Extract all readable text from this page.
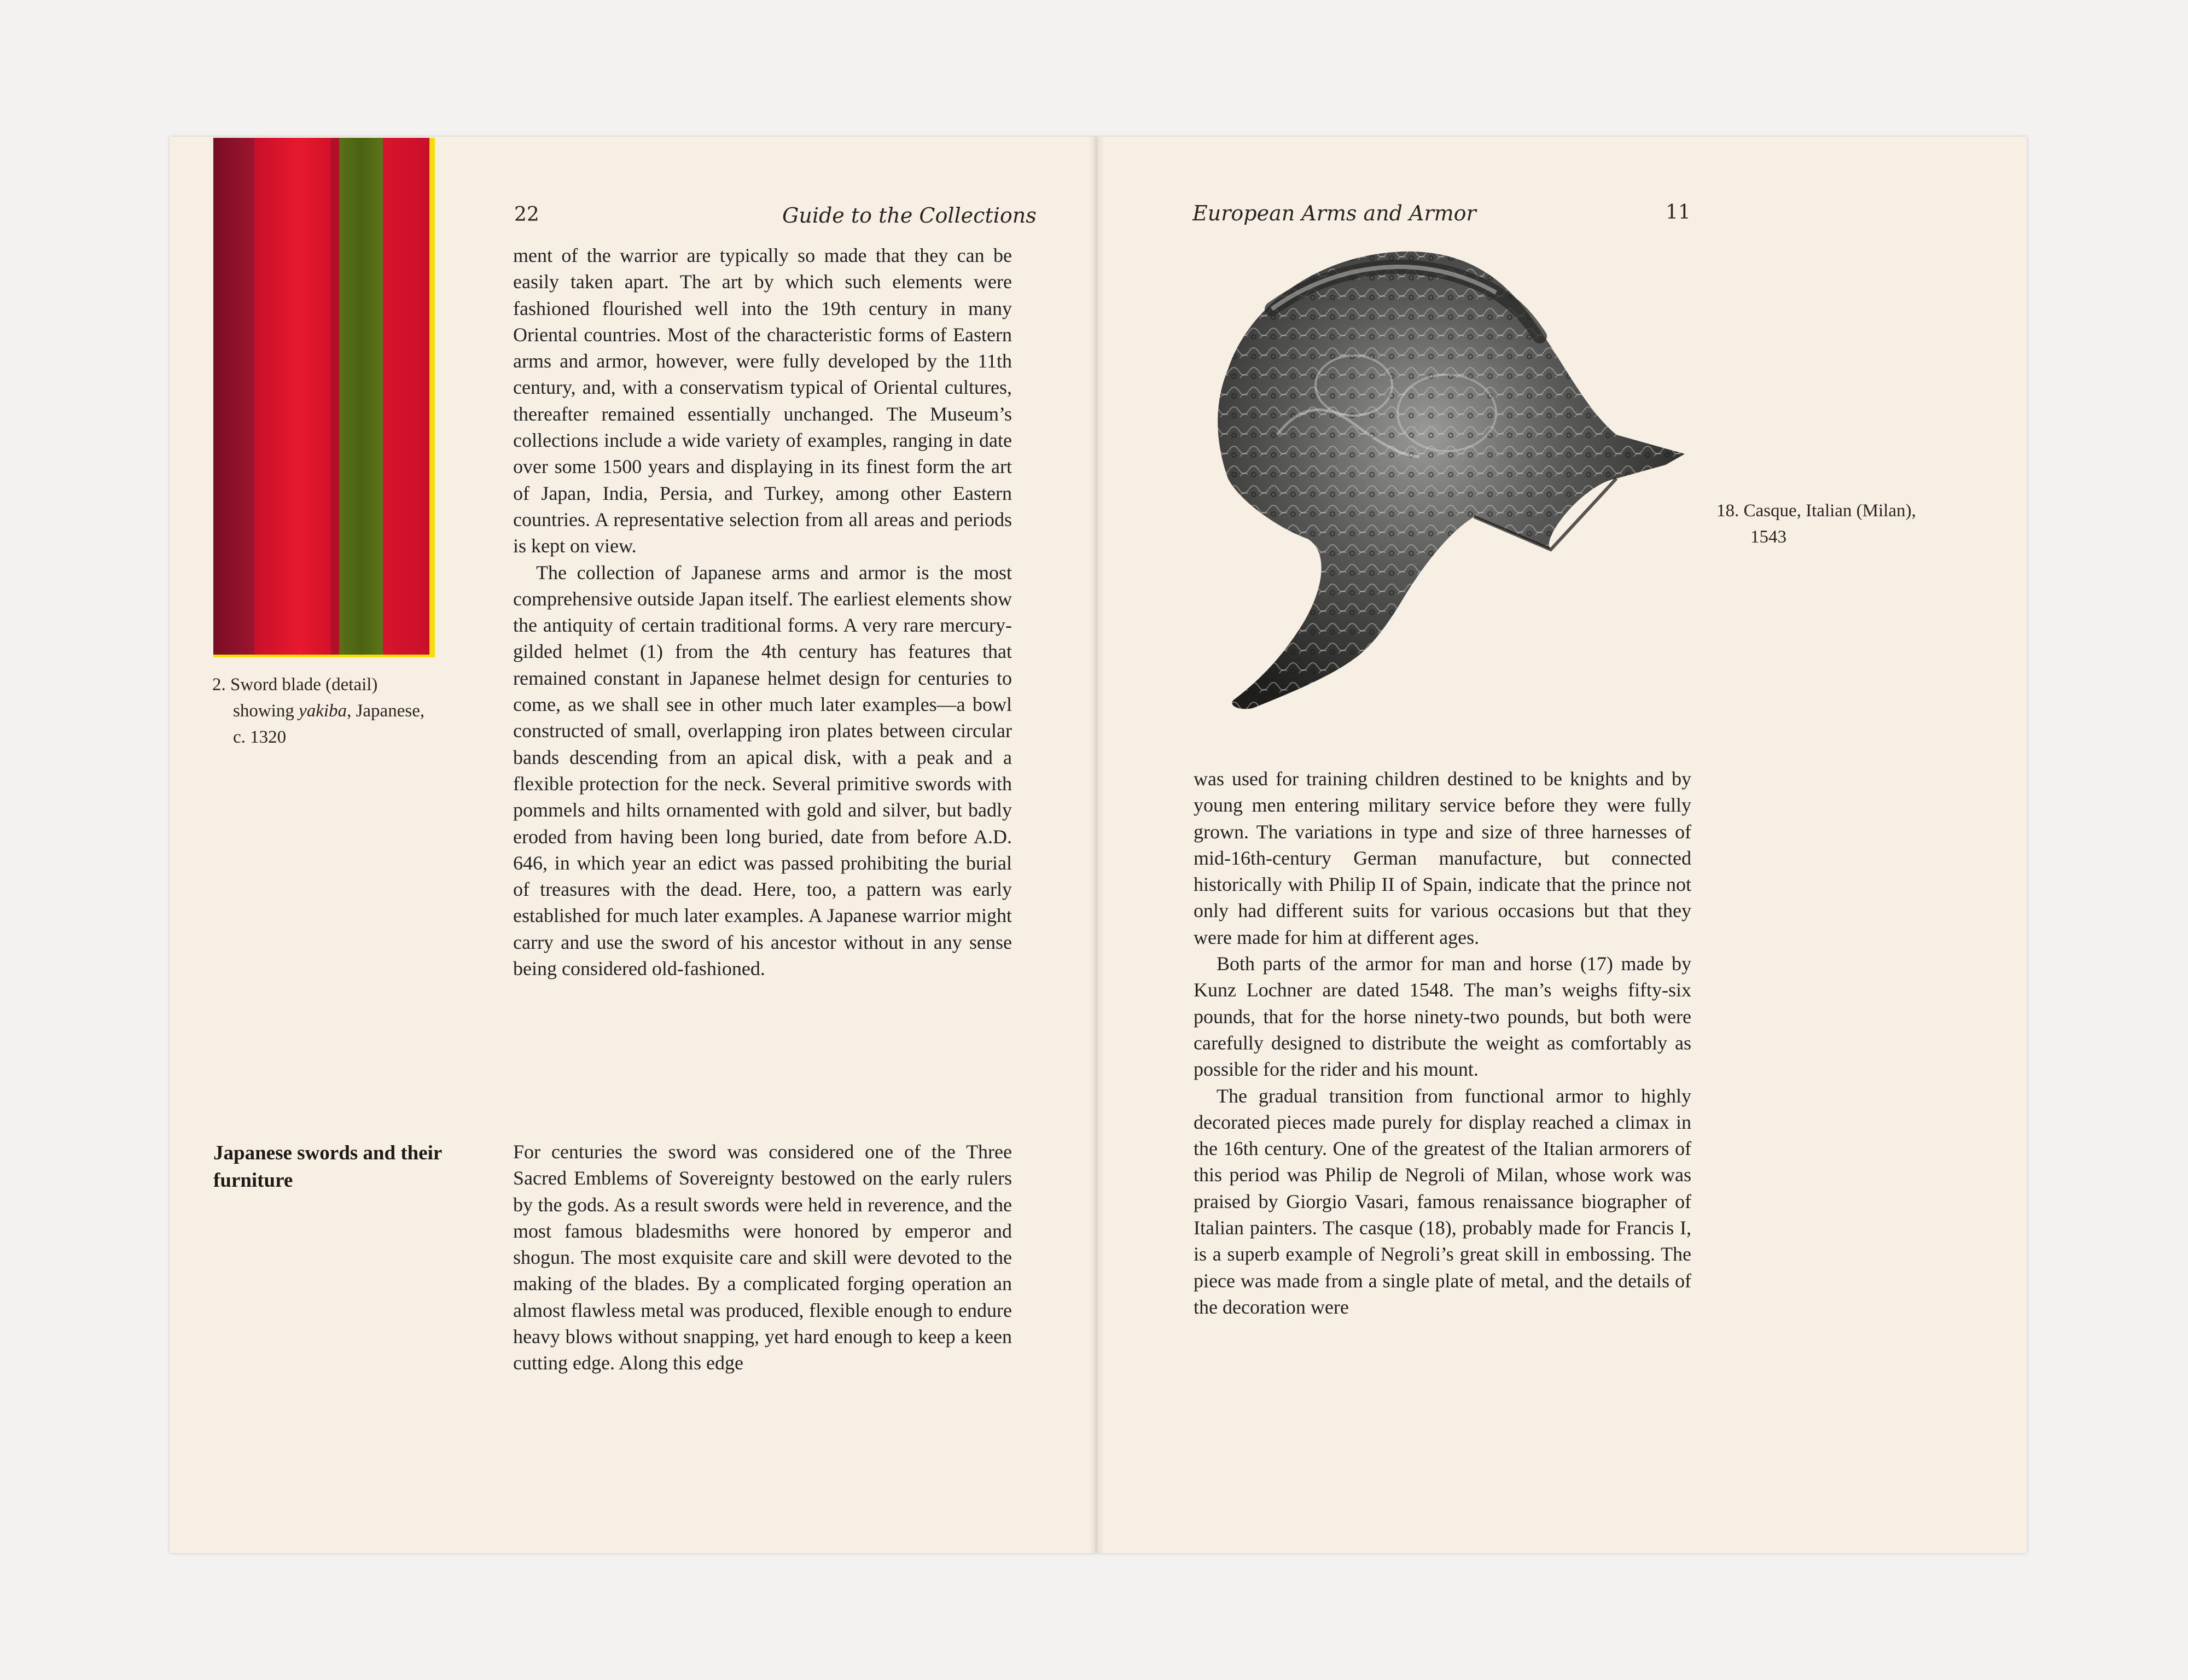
22	Guide to the Collections
2. Sword blade (detail)

showing yakiba, Japanese,
c. 1320
Japanese swords and their furniture

ment of the warrior are typically so made that they can be easily taken apart. The art by which such elements were fashioned flourished well into the 19th century in many Oriental countries. Most of the characteristic forms of Eastern arms and armor, however, were fully developed by the 11th century, and, with a conservatism typical of Oriental cultures, thereafter remained essentially unchanged. The Museum’s collections include a wide variety of examples, ranging in date over some 1500 years and displaying in its finest form the art of Japan, India, Persia, and Turkey, among other Eastern countries. A representative selection from all areas and periods is kept on view.

The collection of Japanese arms and armor is the most comprehensive outside Japan itself. The earliest elements show the antiquity of certain traditional forms. A very rare mercury-gilded helmet (1) from the 4th century has features that remained constant in Japanese helmet design for centuries to come, as we shall see in other much later examples—a bowl constructed of small, overlapping iron plates between circular bands descending from an apical disk, with a peak and a flexible protection for the neck. Several primitive swords with pommels and hilts ornamented with gold and silver, but badly eroded from having been long buried, date from before A.D. 646, in which year an edict was passed prohibiting the burial of treasures with the dead. Here, too, a pattern was early established for much later examples. A Japanese warrior might carry and use the sword of his ancestor without in any sense being considered old-fashioned.

For centuries the sword was considered one of the Three Sacred Emblems of Sovereignty bestowed on the early rulers by the gods. As a result swords were held in reverence, and the most famous bladesmiths were honored by emperor and shogun. The most exquisite care and skill were devoted to the making of the blades. By a complicated forging operation an almost flawless metal was produced, flexible enough to endure heavy blows without snapping, yet hard enough to keep a keen cutting edge. Along this edge

European Arms and Armor	11
18. Casque, Italian (Milan),

1543

was used for training children destined to be knights and by young men entering military service before they were fully grown. The variations in type and size of three harnesses of mid-16th-century German manufacture, but connected historically with Philip II of Spain, indicate that the prince not only had different suits for various occasions but that they were made for him at different ages.

Both parts of the armor for man and horse (17) made by Kunz Lochner are dated 1548. The man’s weighs fifty-six pounds, that for the horse ninety-two pounds, but both were carefully designed to distribute the weight as comfortably as possible for the rider and his mount.

The gradual transition from functional armor to highly decorated pieces made purely for display reached a climax in the 16th century. One of the greatest of the Italian armorers of this period was Philip de Negroli of Milan, whose work was praised by Giorgio Vasari, famous renaissance biographer of Italian painters. The casque (18), probably made for Francis I, is a superb example of Negroli’s great skill in embossing. The piece was made from a single plate of metal, and the details of the decoration were
